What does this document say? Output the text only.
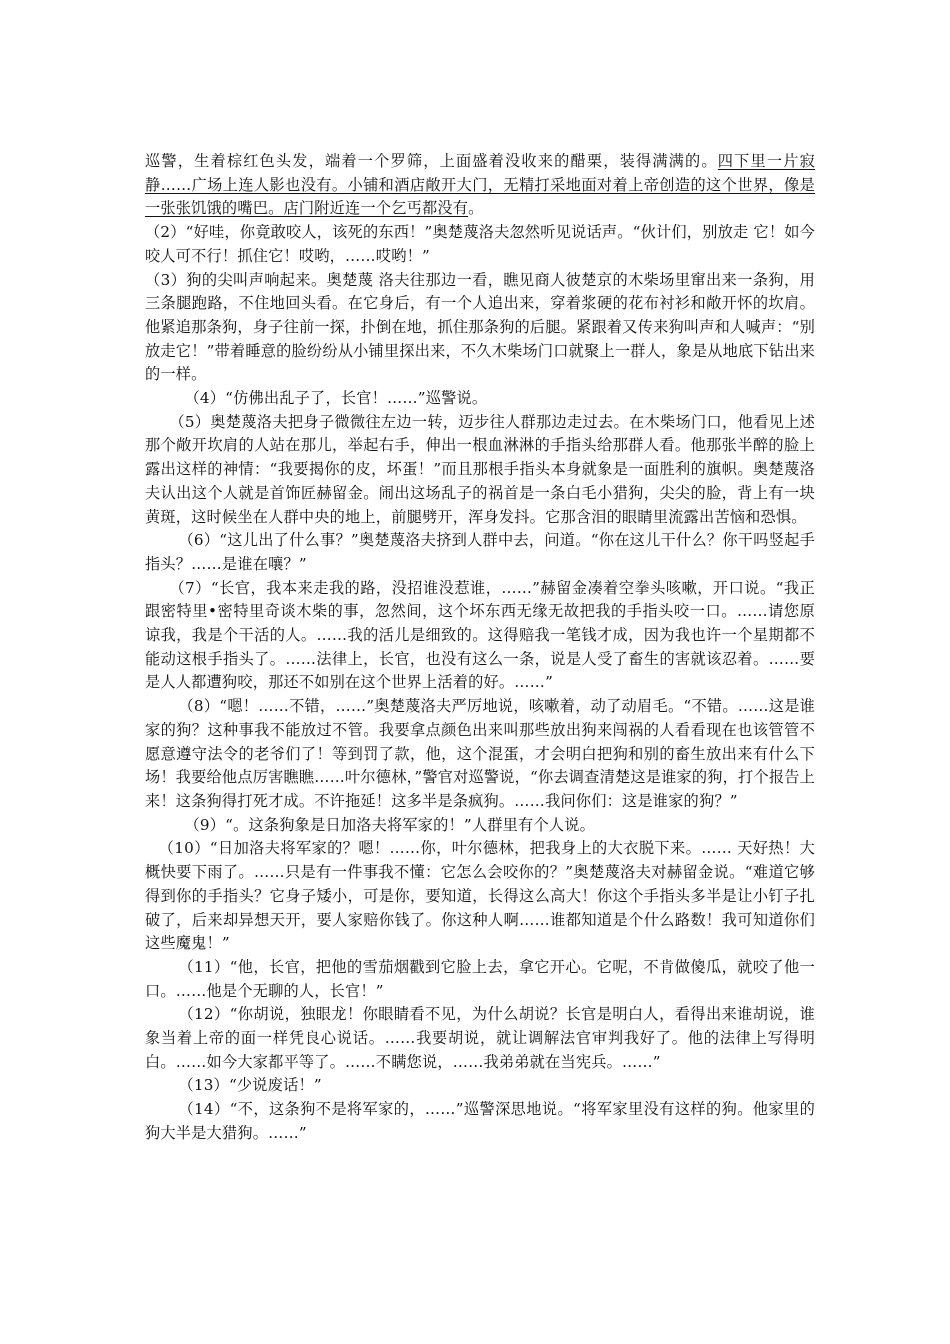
巡警，生着棕红色头发，端着一个罗筛，上面盛着没收来的醋栗，装得满满的。四下里一片寂静……广场上连人影也没有。小铺和酒店敞开大门，无精打采地面对着上帝创造的这个世界，像是一张张饥饿的嘴巴。店门附近连一个乞丐都没有。

（2）“好哇，你竟敢咬人，该死的东西！”奥楚蔑洛夫忽然听见说话声。“伙计们，别放走 它！如今咬人可不行！抓住它！哎哟，……哎哟！”

（3）狗的尖叫声响起来。奥楚蔑 洛夫往那边一看，瞧见商人彼楚京的木柴场里窜出来一条狗，用三条腿跑路，不住地回头看。在它身后，有一个人追出来，穿着浆硬的花布衬衫和敞开怀的坎肩。他紧追那条狗，身子往前一探，扑倒在地，抓住那条狗的后腿。紧跟着又传来狗叫声和人喊声：“别放走它！”带着睡意的脸纷纷从小铺里探出来，不久木柴场门口就聚上一群人，象是从地底下钻出来的一样。

（4）“仿佛出乱子了，长官！……”巡警说。

（5）奥楚蔑洛夫把身子微微往左边一转，迈步往人群那边走过去。在木柴场门口，他看见上述那个敞开坎肩的人站在那儿，举起右手，伸出一根血淋淋的手指头给那群人看。他那张半醉的脸上露出这样的神情：“我要揭你的皮，坏蛋！”而且那根手指头本身就象是一面胜利的旗帜。奥楚蔑洛夫认出这个人就是首饰匠赫留金。闹出这场乱子的祸首是一条白毛小猎狗，尖尖的脸，背上有一块黄斑，这时候坐在人群中央的地上，前腿劈开，浑身发抖。它那含泪的眼睛里流露出苦恼和恐惧。

（6）“这儿出了什么事？”奥楚蔑洛夫挤到人群中去，问道。“你在这儿干什么？你干吗竖起手指头？……是谁在嚷？”

（7）“长官，我本来走我的路，没招谁没惹谁，……”赫留金凑着空拳头咳嗽，开口说。“我正跟密特里•密特里奇谈木柴的事，忽然间，这个坏东西无缘无故把我的手指头咬一口。……请您原谅我，我是个干活的人。……我的活儿是细致的。这得赔我一笔钱才成，因为我也许一个星期都不能动这根手指头了。……法律上，长官，也没有这么一条，说是人受了畜生的害就该忍着。……要是人人都遭狗咬，那还不如别在这个世界上活着的好。……”

（8）“嗯！……不错，……”奥楚蔑洛夫严厉地说，咳嗽着，动了动眉毛。“不错。……这是谁家的狗？这种事我不能放过不管。我要拿点颜色出来叫那些放出狗来闯祸的人看看现在也该管管不愿意遵守法令的老爷们了！等到罚了款，他，这个混蛋，才会明白把狗和别的畜生放出来有什么下场！我要给他点厉害瞧瞧……叶尔德林，”警官对巡警说，“你去调查清楚这是谁家的狗，打个报告上来！这条狗得打死才成。不许拖延！这多半是条疯狗。……我问你们：这是谁家的狗？”

（9）“。这条狗象是日加洛夫将军家的！”人群里有个人说。

（10）“日加洛夫将军家的？嗯！……你，叶尔德林，把我身上的大衣脱下来。…… 天好热！大概快要下雨了。……只是有一件事我不懂：它怎么会咬你的？”奥楚蔑洛夫对赫留金说。“难道它够得到你的手指头？它身子矮小，可是你，要知道，长得这么高大！你这个手指头多半是让小钉子扎破了，后来却异想天开，要人家赔你钱了。你这种人啊……谁都知道是个什么路数！我可知道你们这些魔鬼！”

（11）“他，长官，把他的雪茄烟戳到它脸上去，拿它开心。它呢，不肯做傻瓜，就咬了他一口。……他是个无聊的人，长官！”

（12）“你胡说，独眼龙！你眼睛看不见，为什么胡说？长官是明白人，看得出来谁胡说，谁象当着上帝的面一样凭良心说话。……我要胡说，就让调解法官审判我好了。他的法律上写得明白。……如今大家都平等了。……不瞒您说，……我弟弟就在当宪兵。……”

（13）“少说废话！”

（14）“不，这条狗不是将军家的，……”巡警深思地说。“将军家里没有这样的狗。他家里的狗大半是大猎狗。……”
